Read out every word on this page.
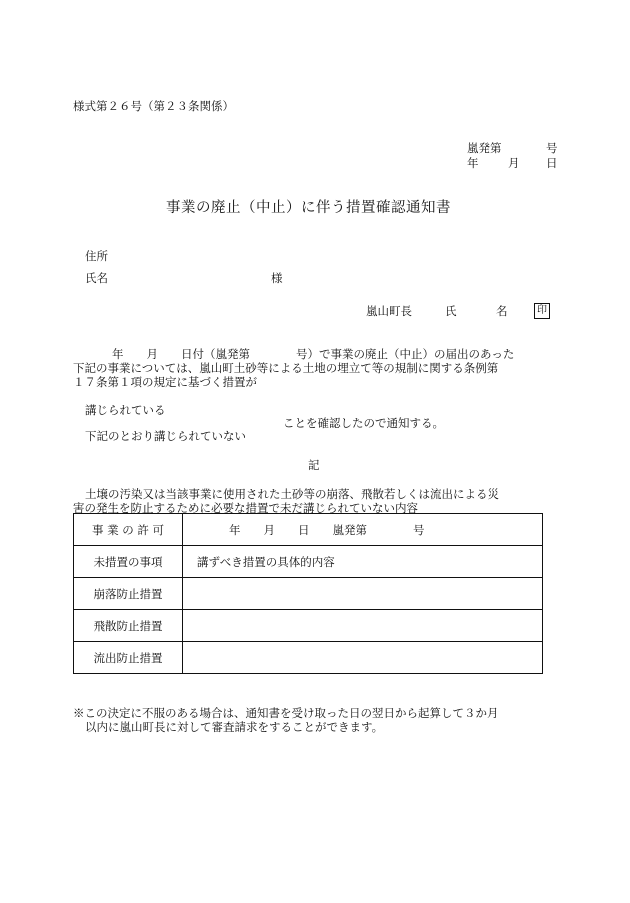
様式第２６号（第２３条関係）
嵐発第	号
年	月 日
事業の廃止（中止）に伴う措置確認通知書
住所
氏名	様
嵐山町長	氏	名	印
年　　月　　日付（嵐発第　　　　号）で事業の廃止（中止）の届出のあった
下記の事業については、嵐山町土砂等による土地の埋立て等の規制に関する条例第
１７条第１項の規定に基づく措置が
講じられている
ことを確認したので通知する。
下記のとおり講じられていない
記
土壌の汚染又は当該事業に使用された土砂等の崩落、飛散若しくは流出による災
害の発生を防止するために必要な措置で未だ講じられていない内容
事 業 の 許 可	年　　月　　日　　嵐発第　　　　号
未措置の事項	講ずべき措置の具体的内容
崩落防止措置	
飛散防止措置	
流出防止措置	
※この決定に不服のある場合は、通知書を受け取った日の翌日から起算して３か月
以内に嵐山町長に対して審査請求をすることができます。
